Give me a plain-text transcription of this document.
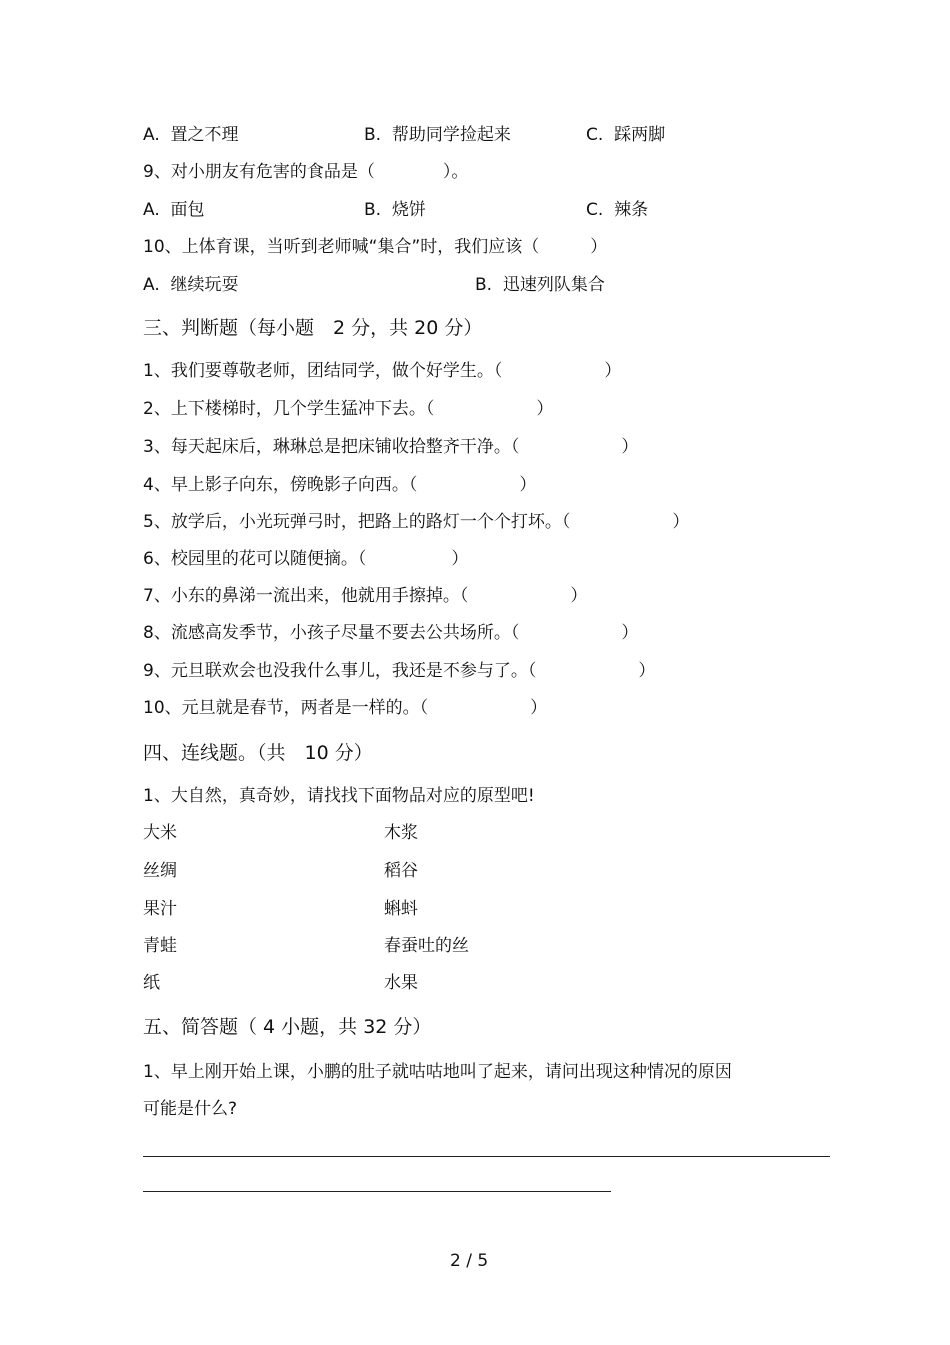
A.  置之不理	B.  帮助同学捡起来	C.  踩两脚
9、对小朋友有危害的食品是（　　　　）。
A.  面包	B.  烧饼	C.  辣条
10、上体育课，当听到老师喊“集合”时，我们应该（　　　）
A.  继续玩耍	B.  迅速列队集合
三、判断题（每小题　2 分，共 20 分）
1、我们要尊敬老师，团结同学，做个好学生。（　　　　　　）
2、上下楼梯时，几个学生猛冲下去。（　　　　　　）
3、每天起床后，琳琳总是把床铺收拾整齐干净。（　　　　　　）
4、早上影子向东，傍晚影子向西。（　　　　　　）
5、放学后，小光玩弹弓时，把路上的路灯一个个打坏。（　　　　　　）
6、校园里的花可以随便摘。（　　　　　）
7、小东的鼻涕一流出来，他就用手擦掉。（　　　　　　）
8、流感高发季节，小孩子尽量不要去公共场所。（　　　　　　）
9、元旦联欢会也没我什么事儿，我还是不参与了。（　　　　　　）
10、元旦就是春节，两者是一样的。（　　　　　　）
四、连线题。（共　10 分）
1、大自然，真奇妙，请找找下面物品对应的原型吧!
大米	木浆
丝绸	稻谷
果汁	蝌蚪
青蛙	春蚕吐的丝
纸	水果
五、简答题（ 4 小题，共 32 分）
1、早上刚开始上课，小鹏的肚子就咕咕地叫了起来，请问出现这种情况的原因
可能是什么?
2 / 5
